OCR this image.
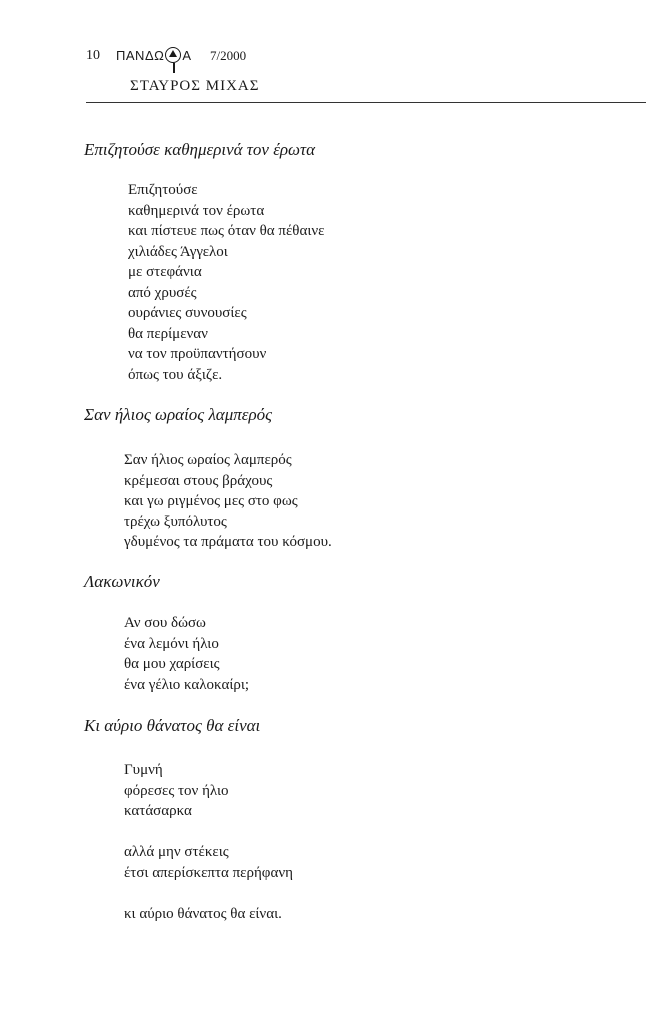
10 ΠΑΝΔΩ Α 7/2000
ΣΤΑΥΡΟΣ ΜΙΧΑΣ
Επιζητούσε καθημερινά τον έρωτα
Επιζητούσε
καθημερινά τον έρωτα
και πίστευε πως όταν θα πέθαινε
χιλιάδες Άγγελοι
με στεφάνια
από χρυσές
ουράνιες συνουσίες
θα περίμεναν
να τον προϋπαντήσουν
όπως του άξιζε.
Σαν ήλιος ωραίος λαμπερός
Σαν ήλιος ωραίος λαμπερός
κρέμεσαι στους βράχους
και γω ριγμένος μες στο φως
τρέχω ξυπόλυτος
γδυμένος τα πράματα του κόσμου.
Λακωνικόν
Αν σου δώσω
ένα λεμόνι ήλιο
θα μου χαρίσεις
ένα γέλιο καλοκαίρι;
Κι αύριο θάνατος θα είναι
Γυμνή
φόρεσες τον ήλιο
κατάσαρκα
αλλά μην στέκεις
έτσι απερίσκεπτα περήφανη
κι αύριο θάνατος θα είναι.
